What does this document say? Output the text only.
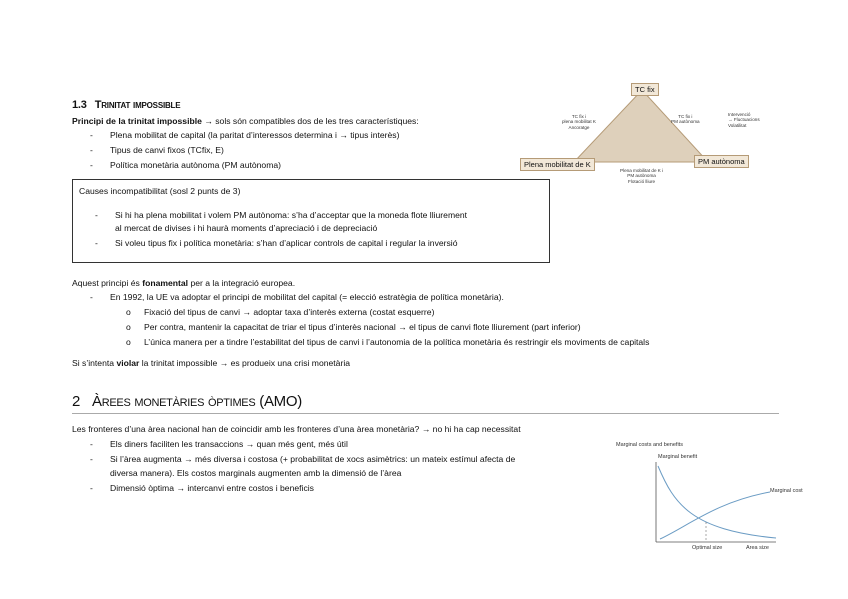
1.3 Trinitat impossible
Principi de la trinitat impossible → sols són compatibles dos de les tres característiques:
- Plena mobilitat de capital (la paritat d’interessos determina i → tipus interès)
- Tipus de canvi fixos (TCfix, E)
- Política monetària autònoma (PM autònoma)
Causes incompatibilitat (sosl 2 punts de 3)
- Si hi ha plena mobilitat i volem PM autònoma: s’ha d’acceptar que la moneda flote lliurement
al mercat de divises i hi haurà moments d’apreciació i de depreciació
- Si voleu tipus fix i política monetària: s’han d’aplicar controls de capital i regular la inversió
TC fix
Plena mobilitat de K	PM autònoma
TC fix i
plena mobilitat K
Ancoratge
TC fix i
PM autònoma
Intervenció
→ Fluctuacions
Volatilitat
Plena mobilitat de K i
PM autònoma
Flotació lliure
Aquest principi és fonamental per a la integració europea.
- En 1992, la UE va adoptar el principi de mobilitat del capital (= elecció estratègia de política monetària).
o Fixació del tipus de canvi → adoptar taxa d’interès externa (costat esquerre)
o Per contra, mantenir la capacitat de triar el tipus d’interès nacional → el tipus de canvi flote lliurement (part inferior)
o L’única manera per a tindre l’estabilitat del tipus de canvi i l’autonomia de la política monetària és restringir els moviments de capitals
Si s’intenta violar la trinitat impossible → es produeix una crisi monetària
2 Àrees monetàries òptimes (AMO)
Les fronteres d’una àrea nacional han de coincidir amb les fronteres d’una àrea monetària? → no hi ha cap necessitat
- Els diners faciliten les transaccions → quan més gent, més útil
- Si l’àrea augmenta → més diversa i costosa (+ probabilitat de xocs asimètrics: un mateix estímul afecta de
diversa manera). Els costos marginals augmenten amb la dimensió de l’àrea
- Dimensió òptima → intercanvi entre costos i beneficis
Marginal costs and benefits
Marginal benefit
Marginal cost
Optimal size	Area size
